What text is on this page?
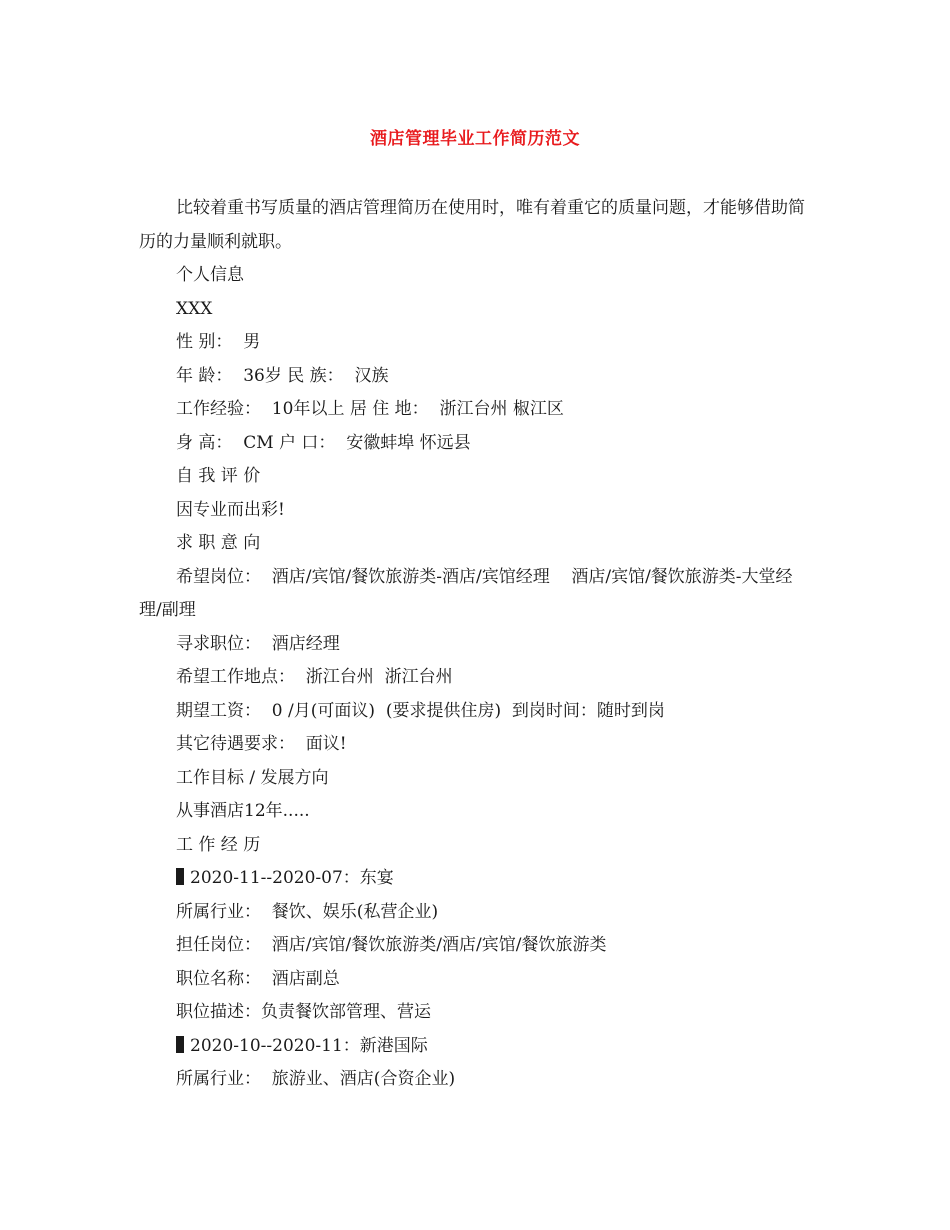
酒店管理毕业工作简历范文

比较着重书写质量的酒店管理简历在使用时，唯有着重它的质量问题，才能够借助简历的力量顺利就职。

个人信息

XXX

性 别：  男

年 龄：  36岁 民 族：  汉族

工作经验：  10年以上 居 住 地：  浙江台州 椒江区

身 高：  CM 户 口：  安徽蚌埠 怀远县

自 我 评 价

因专业而出彩!

求 职 意 向

希望岗位：  酒店/宾馆/餐饮旅游类-酒店/宾馆经理    酒店/宾馆/餐饮旅游类-大堂经理/副理

寻求职位：  酒店经理

希望工作地点：  浙江台州  浙江台州

期望工资：  0 /月(可面议)  (要求提供住房)  到岗时间：随时到岗

其它待遇要求：  面议!

工作目标 / 发展方向

从事酒店12年.....

工 作 经 历

2020-11--2020-07：东宴

所属行业：  餐饮、娱乐(私营企业)

担任岗位：  酒店/宾馆/餐饮旅游类/酒店/宾馆/餐饮旅游类

职位名称：  酒店副总

职位描述：负责餐饮部管理、营运

2020-10--2020-11：新港国际

所属行业：  旅游业、酒店(合资企业)
